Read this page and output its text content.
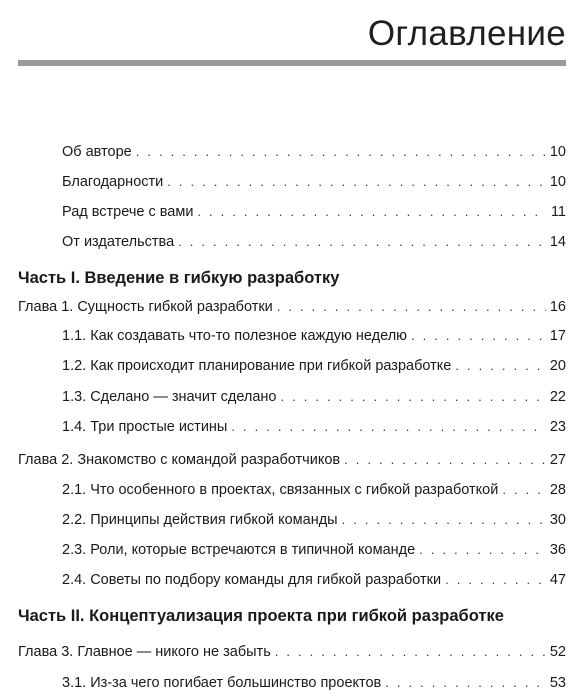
Оглавление
Об авторе . . .	10
Благодарности . . .	10
Рад встрече с вами . . .	11
От издательства . . .	14
Часть I. Введение в гибкую разработку
Глава 1. Сущность гибкой разработки . . .	16
1.1. Как создавать что-то полезное каждую неделю . . .	17
1.2. Как происходит планирование при гибкой разработке . . .	20
1.3. Сделано — значит сделано . . .	22
1.4. Три простые истины . . .	23
Глава 2. Знакомство с командой разработчиков . . .	27
2.1. Что особенного в проектах, связанных с гибкой разработкой . . .	28
2.2. Принципы действия гибкой команды . . .	30
2.3. Роли, которые встречаются в типичной команде . . .	36
2.4. Советы по подбору команды для гибкой разработки . . .	47
Часть II. Концептуализация проекта при гибкой разработке
Глава 3. Главное — никого не забыть . . .	52
3.1. Из-за чего погибает большинство проектов . . .	53
